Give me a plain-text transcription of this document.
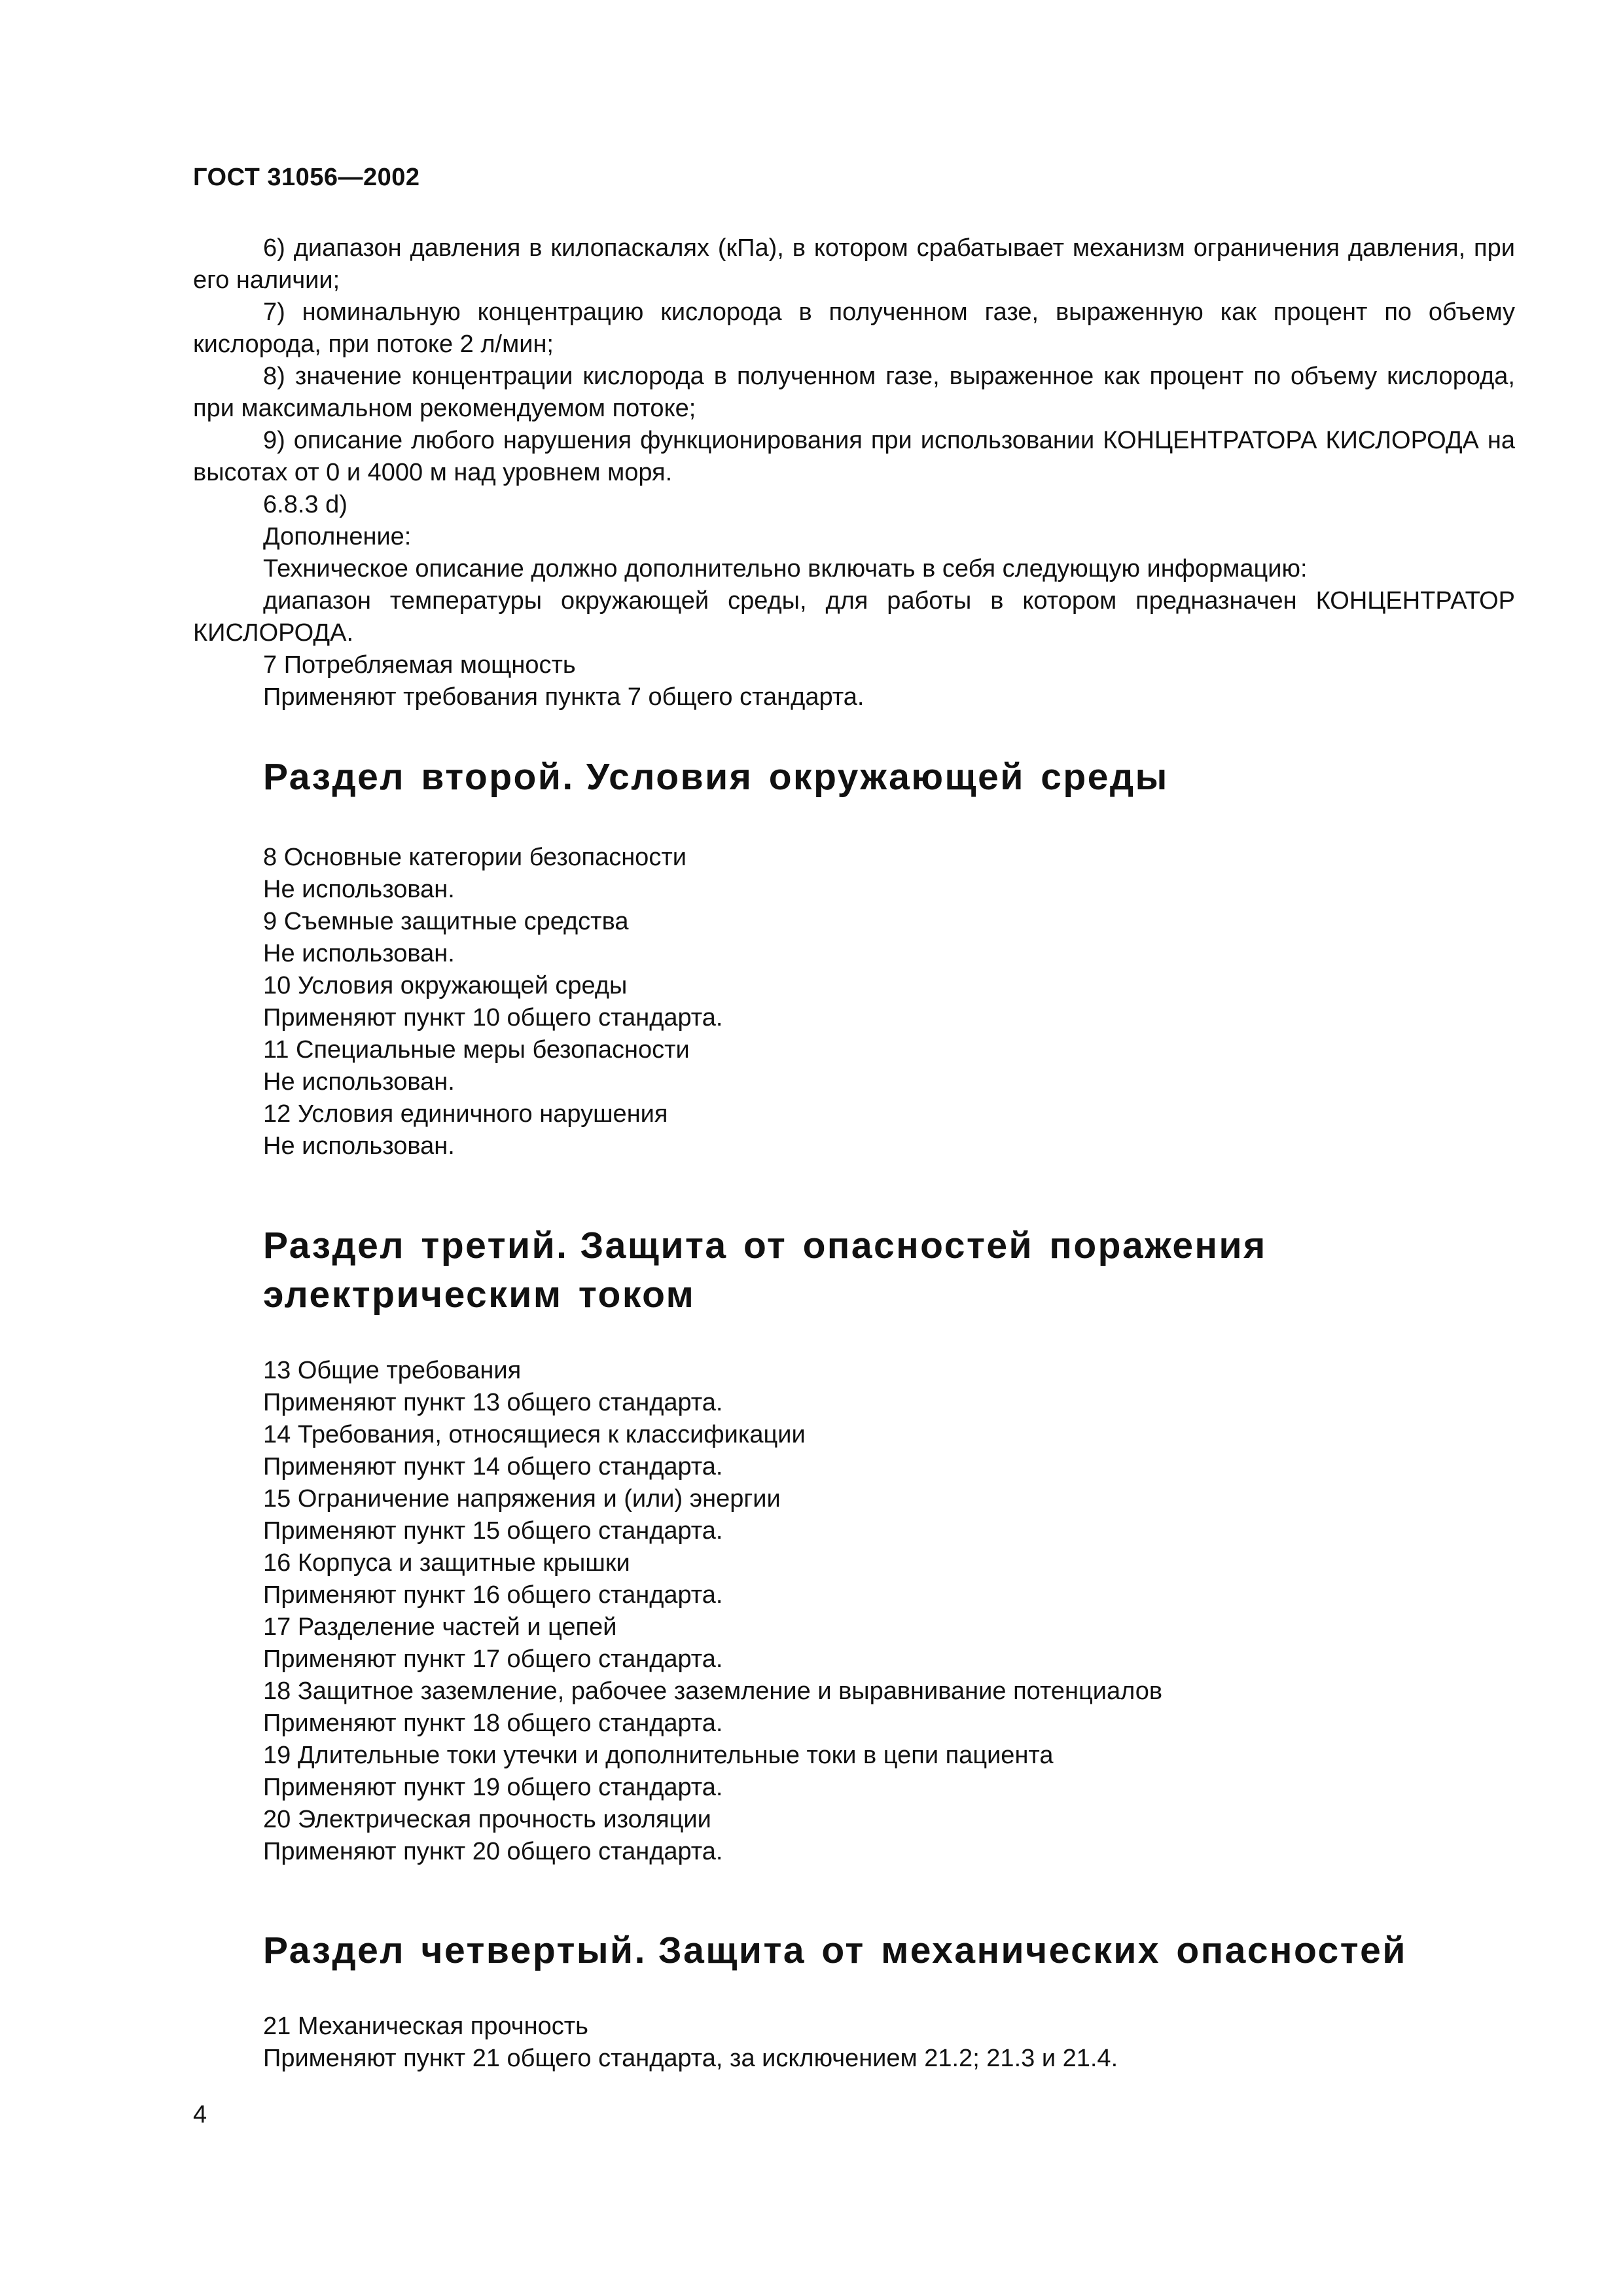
ГОСТ 31056—2002

6) диапазон давления в килопаскалях (кПа), в котором срабатывает механизм ограничения давления, при его наличии;

7) номинальную концентрацию кислорода в полученном газе, выраженную как процент по объему кислорода, при потоке 2 л/мин;

8) значение концентрации кислорода в полученном газе, выраженное как процент по объему кислорода, при максимальном рекомендуемом потоке;

9) описание любого нарушения функционирования при использовании КОНЦЕНТРАТОРА КИСЛОРОДА на высотах от 0 и 4000 м над уровнем моря.

6.8.3 d)

Дополнение:

Техническое описание должно дополнительно включать в себя следующую информацию:

диапазон температуры окружающей среды, для работы в котором предназначен КОНЦЕНТРАТОР КИСЛОРОДА.

7 Потребляемая мощность

Применяют требования пункта 7 общего стандарта.

Раздел второй. Условия окружающей среды

8 Основные категории безопасности

Не использован.

9 Съемные защитные средства

Не использован.

10 Условия окружающей среды

Применяют пункт 10 общего стандарта.

11 Специальные меры безопасности

Не использован.

12 Условия единичного нарушения

Не использован.

Раздел третий. Защита от опасностей поражения
электрическим током

13 Общие требования

Применяют пункт 13 общего стандарта.

14 Требования, относящиеся к классификации

Применяют пункт 14 общего стандарта.

15 Ограничение напряжения и (или) энергии

Применяют пункт 15 общего стандарта.

16 Корпуса и защитные крышки

Применяют пункт 16 общего стандарта.

17 Разделение частей и цепей

Применяют пункт 17 общего стандарта.

18 Защитное заземление, рабочее заземление и выравнивание потенциалов

Применяют пункт 18 общего стандарта.

19 Длительные токи утечки и дополнительные токи в цепи пациента

Применяют пункт 19 общего стандарта.

20 Электрическая прочность изоляции

Применяют пункт 20 общего стандарта.

Раздел четвертый. Защита от механических опасностей

21 Механическая прочность

Применяют пункт 21 общего стандарта, за исключением 21.2; 21.3 и 21.4.

4
